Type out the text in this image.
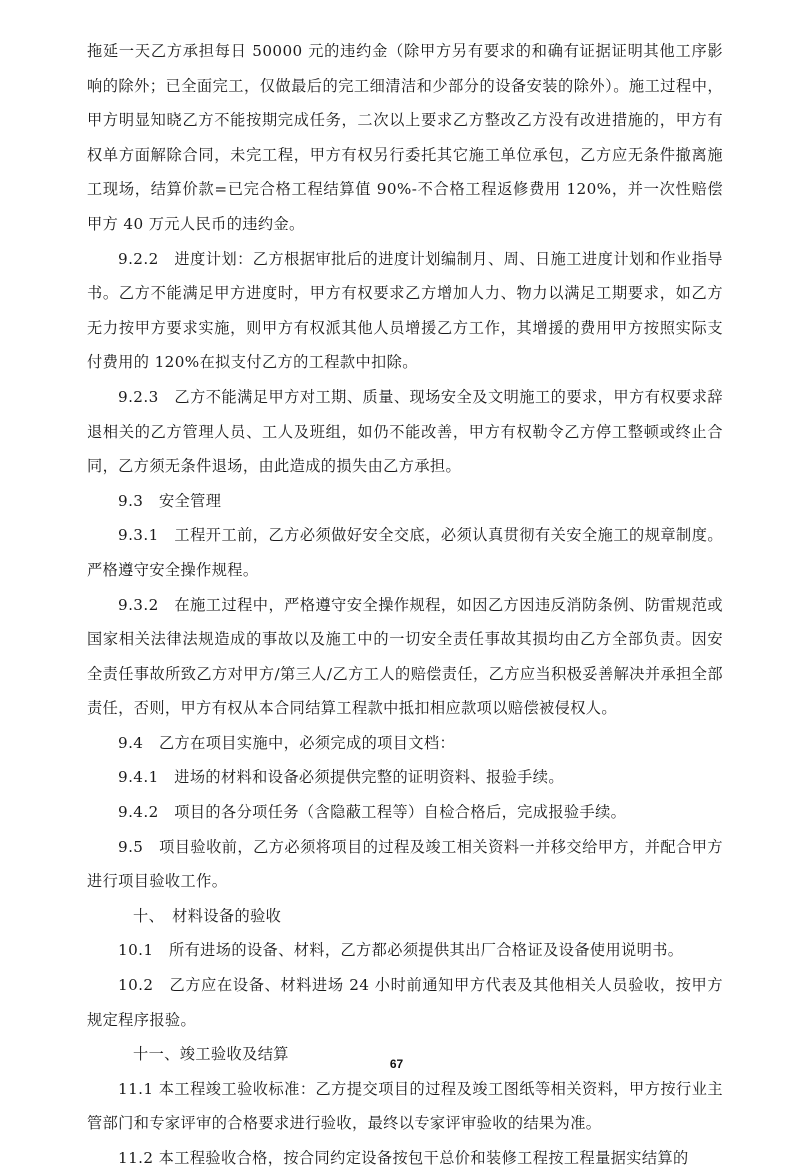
拖延一天乙方承担每日 50000 元的违约金（除甲方另有要求的和确有证据证明其他工序影响的除外；已全面完工，仅做最后的完工细清洁和少部分的设备安装的除外）。施工过程中，甲方明显知晓乙方不能按期完成任务，二次以上要求乙方整改乙方没有改进措施的，甲方有权单方面解除合同，未完工程，甲方有权另行委托其它施工单位承包，乙方应无条件撤离施工现场，结算价款=已完合格工程结算值 90%-不合格工程返修费用 120%，并一次性赔偿甲方 40 万元人民币的违约金。

9.2.2　进度计划：乙方根据审批后的进度计划编制月、周、日施工进度计划和作业指导书。乙方不能满足甲方进度时，甲方有权要求乙方增加人力、物力以满足工期要求，如乙方无力按甲方要求实施，则甲方有权派其他人员增援乙方工作，其增援的费用甲方按照实际支付费用的 120%在拟支付乙方的工程款中扣除。

9.2.3　乙方不能满足甲方对工期、质量、现场安全及文明施工的要求，甲方有权要求辞退相关的乙方管理人员、工人及班组，如仍不能改善，甲方有权勒令乙方停工整顿或终止合同，乙方须无条件退场，由此造成的损失由乙方承担。

9.3　安全管理

9.3.1　工程开工前，乙方必须做好安全交底，必须认真贯彻有关安全施工的规章制度。严格遵守安全操作规程。

9.3.2　在施工过程中，严格遵守安全操作规程，如因乙方因违反消防条例、防雷规范或国家相关法律法规造成的事故以及施工中的一切安全责任事故其损均由乙方全部负责。因安全责任事故所致乙方对甲方/第三人/乙方工人的赔偿责任，乙方应当积极妥善解决并承担全部责任，否则，甲方有权从本合同结算工程款中抵扣相应款项以赔偿被侵权人。

9.4　乙方在项目实施中，必须完成的项目文档：

9.4.1　进场的材料和设备必须提供完整的证明资料、报验手续。

9.4.2　项目的各分项任务（含隐蔽工程等）自检合格后，完成报验手续。

9.5　项目验收前，乙方必须将项目的过程及竣工相关资料一并移交给甲方，并配合甲方进行项目验收工作。

十、　材料设备的验收

10.1　所有进场的设备、材料，乙方都必须提供其出厂合格证及设备使用说明书。

10.2　乙方应在设备、材料进场 24 小时前通知甲方代表及其他相关人员验收，按甲方规定程序报验。

十一、竣工验收及结算

11.1 本工程竣工验收标准：乙方提交项目的过程及竣工图纸等相关资料，甲方按行业主管部门和专家评审的合格要求进行验收，最终以专家评审验收的结果为准。

11.2 本工程验收合格，按合同约定设备按包干总价和装修工程按工程量据实结算的

67
